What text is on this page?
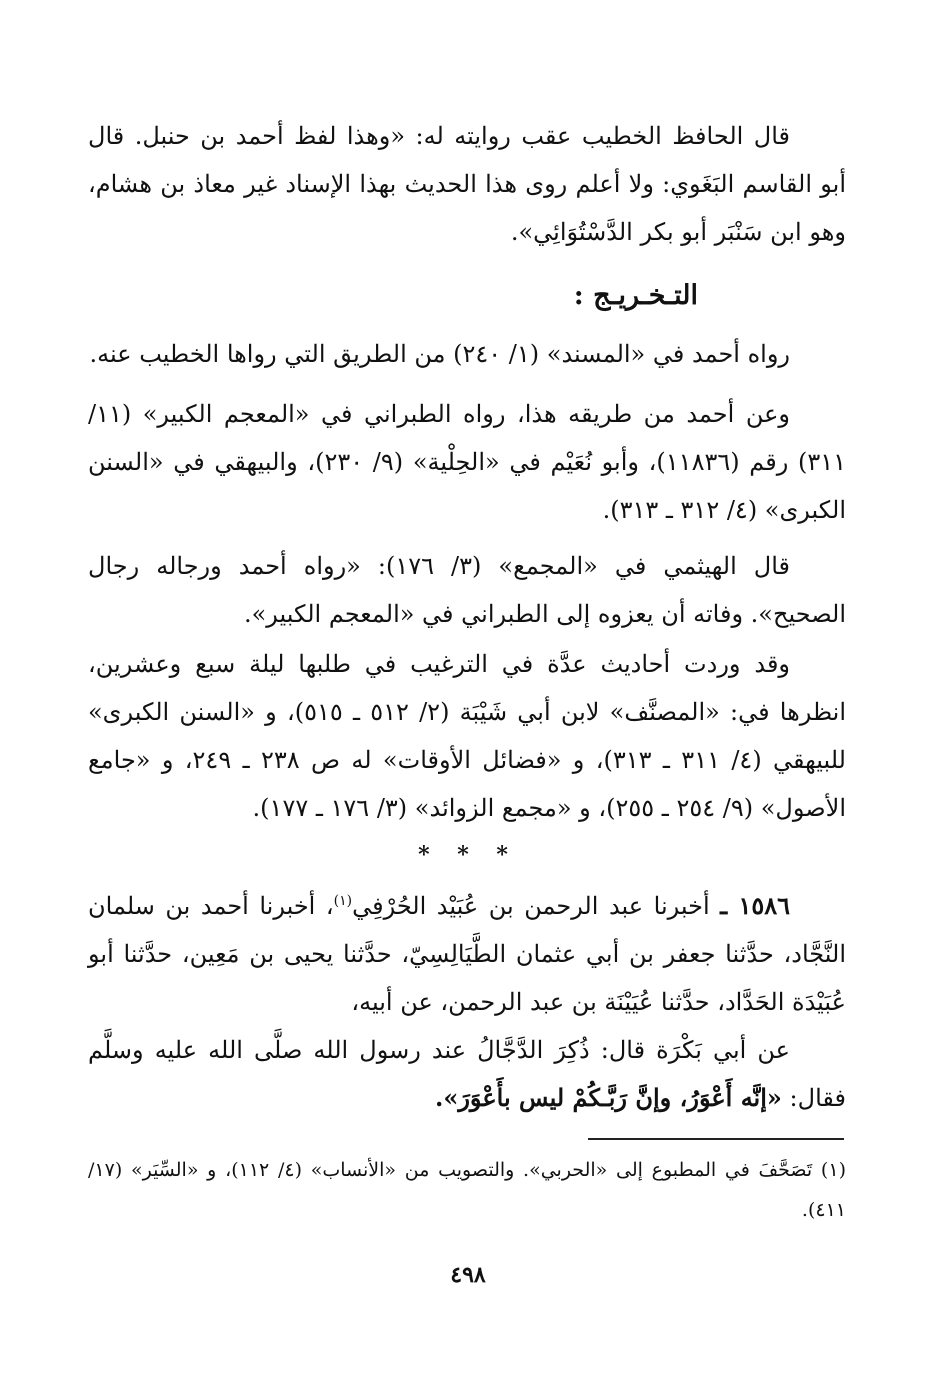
قال الحافظ الخطيب عقب روايته له: «وهذا لفظ أحمد بن حنبل. قال أبو القاسم البَغَوي: ولا أعلم روى هذا الحديث بهذا الإسناد غير معاذ بن هشام، وهو ابن سَنْبَر أبو بكر الدَّسْتُوَائِي».
التـخـريـج :
رواه أحمد في «المسند» (١/ ٢٤٠) من الطريق التي رواها الخطيب عنه.
وعن أحمد من طريقه هذا، رواه الطبراني في «المعجم الكبير» (١١/ ٣١١) رقم (١١٨٣٦)، وأبو نُعَيْم في «الحِلْية» (٩/ ٢٣٠)، والبيهقي في «السنن الكبرى» (٤/ ٣١٢ ـ ٣١٣).
قال الهيثمي في «المجمع» (٣/ ١٧٦): «رواه أحمد ورجاله رجال الصحيح». وفاته أن يعزوه إلى الطبراني في «المعجم الكبير».
وقد وردت أحاديث عدَّة في الترغيب في طلبها ليلة سبع وعشرين، انظرها في: «المصنَّف» لابن أبي شَيْبَة (٢/ ٥١٢ ـ ٥١٥)، و «السنن الكبرى» للبيهقي (٤/ ٣١١ ـ ٣١٣)، و «فضائل الأوقات» له ص ٢٣٨ ـ ٢٤٩، و «جامع الأصول» (٩/ ٢٥٤ ـ ٢٥٥)، و «مجمع الزوائد» (٣/ ١٧٦ ـ ١٧٧).
* * *
١٥٨٦ ـ أخبرنا عبد الرحمن بن عُبَيْد الحُرْفِي$^{(١)}$، أخبرنا أحمد بن سلمان النَّجَّاد، حدَّثنا جعفر بن أبي عثمان الطَّيَالِسِيّ، حدَّثنا يحيى بن مَعِين، حدَّثنا أبو عُبَيْدَة الحَدَّاد، حدَّثنا عُيَيْنَة بن عبد الرحمن، عن أبيه،
عن أبي بَكْرَة قال: ذُكِرَ الدَّجَّالُ عند رسول الله صلَّى الله عليه وسلَّم فقال: «إنَّه أَعْوَرُ، وإنَّ رَبَّـكُمْ ليس بأَعْوَرَ».
(١) تَصَحَّفَ في المطبوع إلى «الحربي». والتصويب من «الأنساب» (٤/ ١١٢)، و «السِّيَر» (١٧/ ٤١١).
٤٩٨
